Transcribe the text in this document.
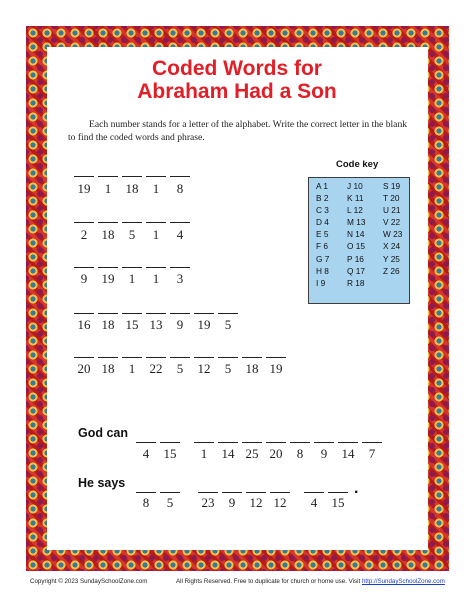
Coded Words for
Abraham Had a Son
Each number stands for a letter of the alphabet. Write the correct letter in the blank to find the coded words and phrase.
Code key
A 1	J 10	S 19
B 2	K 11	T 20
C 3	L 12	U 21
D 4	M 13	V 22
E 5	N 14	W 23
F 6	O 15	X 24
G 7	P 16	Y 25
H 8	Q 17	Z 26
I 9	R 18
19	1	18	1	8
2	18	5	1	4
9	19	1	1	3
16 18 15 13	9	19	5
20 18	1	22	5	12	5	18 19
God can
4	15	1	14 25 20	8	9	14	7
He says
8	5	23	9	12 12	4	15
.
Copyright © 2023 SundaySchoolZone.com	All Rights Reserved. Free to duplicate for church or home use. Visit http://SundaySchoolZone.com
